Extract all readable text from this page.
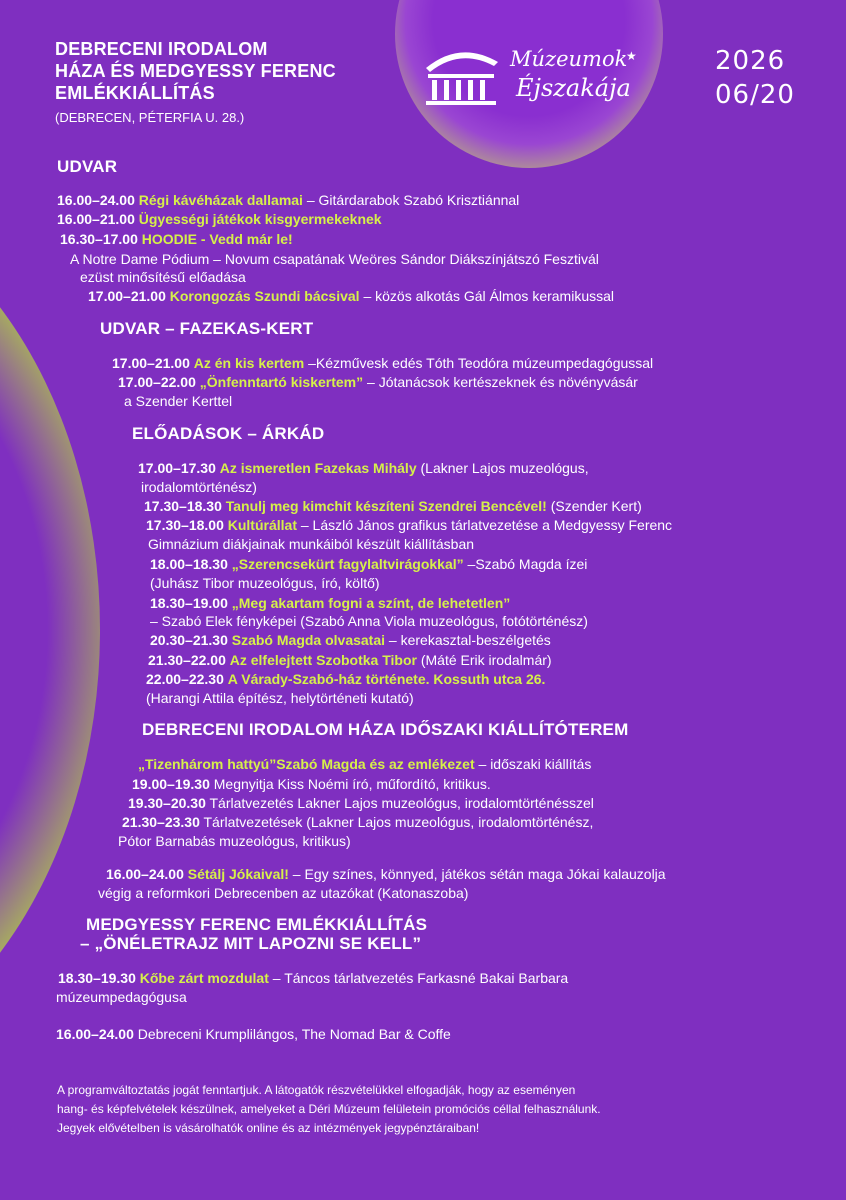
Múzeumok
Éjszakája
★
DEBRECENI IRODALOM
HÁZA ÉS MEDGYESSY FERENC
EMLÉKKIÁLLÍTÁS
(DEBRECEN, PÉTERFIA U. 28.)
2026
06/20
UDVAR
16.00–24.00 Régi kávéházak dallamai – Gitárdarabok Szabó Krisztiánnal
16.00–21.00 Ügyességi játékok kisgyermekeknek
16.30–17.00 HOODIE - Vedd már le!
A Notre Dame Pódium – Novum csapatának Weöres Sándor Diákszínjátszó Fesztivál
ezüst minősítésű előadása
17.00–21.00 Korongozás Szundi bácsival – közös alkotás Gál Álmos keramikussal
UDVAR – FAZEKAS-KERT
17.00–21.00 Az én kis kertem –Kézművesk edés Tóth Teodóra múzeumpedagógussal
17.00–22.00 „Önfenntartó kiskertem” – Jótanácsok kertészeknek és növényvásár
a Szender Kerttel
ELŐADÁSOK – ÁRKÁD
17.00–17.30 Az ismeretlen Fazekas Mihály (Lakner Lajos muzeológus,
irodalomtörténész)
17.30–18.30 Tanulj meg kimchit készíteni Szendrei Bencével! (Szender Kert)
17.30–18.00 Kultúrállat – László János grafikus tárlatvezetése a Medgyessy Ferenc
Gimnázium diákjainak munkáiból készült kiállításban
18.00–18.30 „Szerencsekürt fagylaltvirágokkal” –Szabó Magda ízei
(Juhász Tibor muzeológus, író, költő)
18.30–19.00 „Meg akartam fogni a színt, de lehetetlen”
– Szabó Elek fényképei (Szabó Anna Viola muzeológus, fotótörténész)
20.30–21.30 Szabó Magda olvasatai – kerekasztal-beszélgetés
21.30–22.00 Az elfelejtett Szobotka Tibor (Máté Erik irodalmár)
22.00–22.30 A Várady-Szabó-ház története. Kossuth utca 26.
(Harangi Attila építész, helytörténeti kutató)
DEBRECENI IRODALOM HÁZA IDŐSZAKI KIÁLLÍTÓTEREM
„Tizenhárom hattyú”Szabó Magda és az emlékezet – időszaki kiállítás
19.00–19.30 Megnyitja Kiss Noémi író, műfordító, kritikus.
19.30–20.30 Tárlatvezetés Lakner Lajos muzeológus, irodalomtörténésszel
21.30–23.30 Tárlatvezetések (Lakner Lajos muzeológus, irodalomtörténész,
Pótor Barnabás muzeológus, kritikus)
16.00–24.00 Sétálj Jókaival! – Egy színes, könnyed, játékos sétán maga Jókai kalauzolja
végig a reformkori Debrecenben az utazókat (Katonaszoba)
MEDGYESSY FERENC EMLÉKKIÁLLÍTÁS
– „ÖNÉLETRAJZ MIT LAPOZNI SE KELL”
18.30–19.30 Kőbe zárt mozdulat – Táncos tárlatvezetés Farkasné Bakai Barbara
múzeumpedagógusa
16.00–24.00 Debreceni Krumplilángos, The Nomad Bar & Coffe
A programváltoztatás jogát fenntartjuk. A látogatók részvételükkel elfogadják, hogy az eseményen
hang- és képfelvételek készülnek, amelyeket a Déri Múzeum felületein promóciós céllal felhasználunk.
Jegyek elővételben is vásárolhatók online és az intézmények jegypénztáraiban!
